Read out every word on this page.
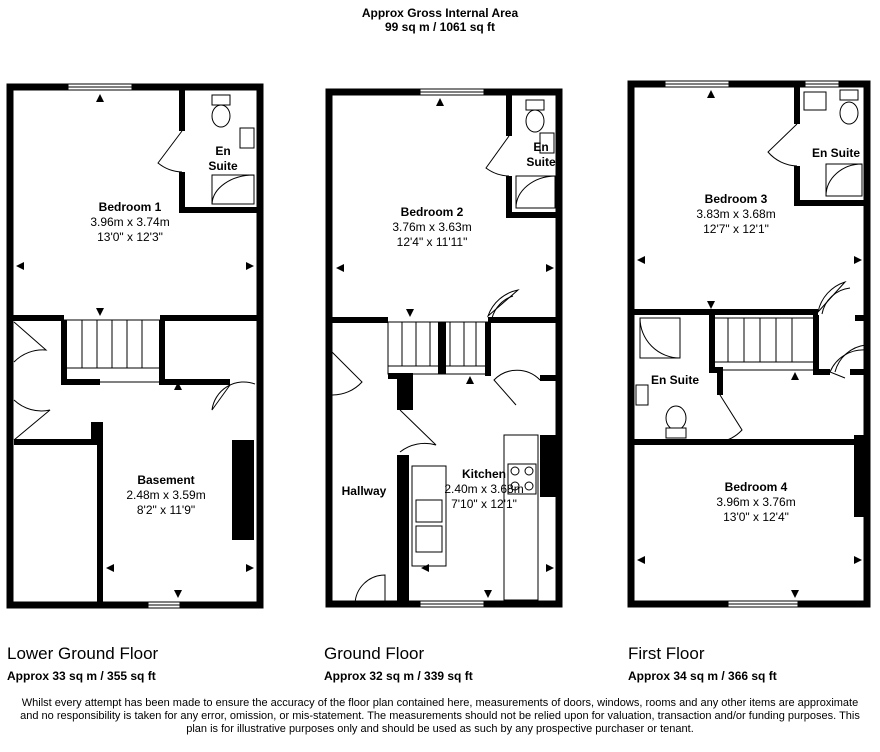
Approx Gross Internal Area
99 sq m / 1061 sq ft
Bedroom 1
3.96m x 3.74m
13'0" x 12'3"
En
Suite
Basement
2.48m x 3.59m
8'2" x 11'9"
Bedroom 2
3.76m x 3.63m
12'4" x 11'11"
En
Suite
Kitchen
2.40m x 3.68m
7'10" x 12'1"
Hallway
Bedroom 3
3.83m x 3.68m
12'7" x 12'1"
En Suite
En Suite
Bedroom 4
3.96m x 3.76m
13'0" x 12'4"
Lower Ground Floor
Approx 33 sq m / 355 sq ft
Ground Floor
Approx 32 sq m / 339 sq ft
First Floor
Approx 34 sq m / 366 sq ft
Whilst every attempt has been made to ensure the accuracy of the floor plan contained here, measurements of doors, windows, rooms and any other items are approximate and no responsibility is taken for any error, omission, or mis-statement. The measurements should not be relied upon for valuation, transaction and/or funding purposes. This plan is for illustrative purposes only and should be used as such by any prospective purchaser or tenant.
